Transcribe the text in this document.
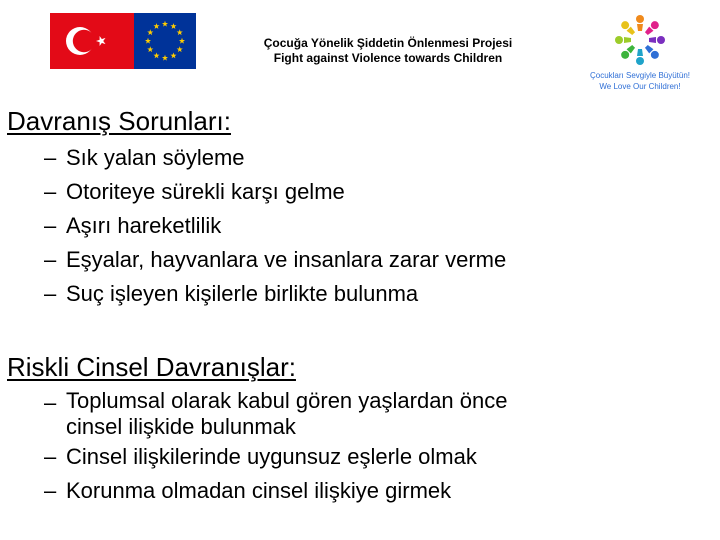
Çocuğa Yönelik Şiddetin Önlenmesi Projesi
Fight against Violence towards Children
Çocukları Sevgiyle Büyütün!
We Love Our Children!
Davranış Sorunları:
– Sık yalan söyleme
– Otoriteye sürekli karşı gelme
– Aşırı hareketlilik
– Eşyalar, hayvanlara ve insanlara zarar verme
– Suç işleyen kişilerle birlikte bulunma
Riskli Cinsel Davranışlar:
– Toplumsal olarak kabul gören yaşlardan önce
cinsel ilişkide bulunmak
– Cinsel ilişkilerinde uygunsuz eşlerle olmak
– Korunma olmadan cinsel ilişkiye girmek
